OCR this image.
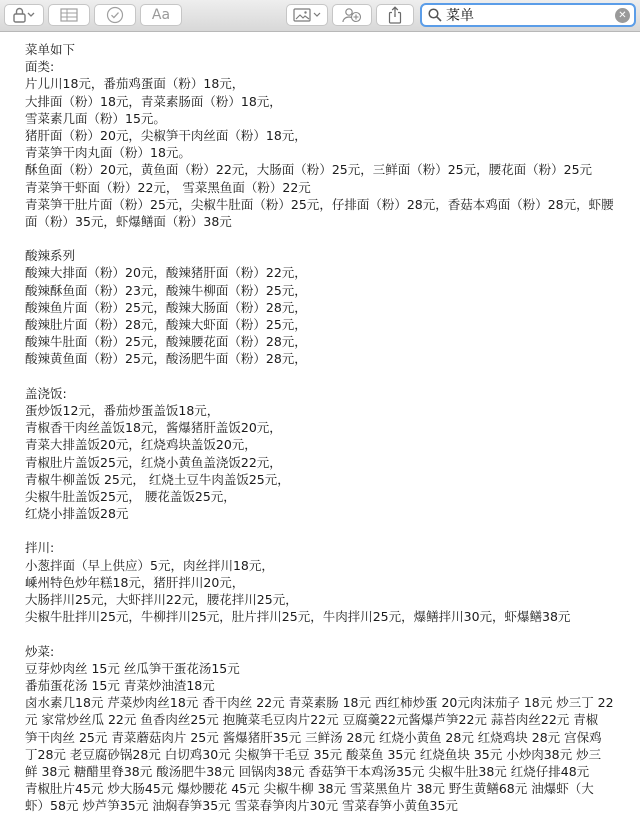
Aa
菜单	✕
菜单如下
面类:
片儿川18元，番茄鸡蛋面（粉）18元，
大排面（粉）18元，青菜素肠面（粉）18元，
雪菜素几面（粉）15元。
猪肝面（粉）20元，尖椒笋干肉丝面（粉）18元，
青菜笋干肉丸面（粉）18元。
酥鱼面（粉）20元，黄鱼面（粉）22元，大肠面（粉）25元，三鲜面（粉）25元，腰花面（粉）25元
青菜笋干虾面（粉）22元， 雪菜黑鱼面（粉）22元
青菜笋干肚片面（粉）25元，尖椒牛肚面（粉）25元，仔排面（粉）28元，香菇本鸡面（粉）28元，虾腰
面（粉）35元，虾爆鳝面（粉）38元
酸辣系列
酸辣大排面（粉）20元，酸辣猪肝面（粉）22元，
酸辣酥鱼面（粉）23元，酸辣牛柳面（粉）25元，
酸辣鱼片面（粉）25元，酸辣大肠面（粉）28元，
酸辣肚片面（粉）28元，酸辣大虾面（粉）25元，
酸辣牛肚面（粉）25元，酸辣腰花面（粉）28元，
酸辣黄鱼面（粉）25元，酸汤肥牛面（粉）28元，
盖浇饭:
蛋炒饭12元，番茄炒蛋盖饭18元，
青椒香干肉丝盖饭18元，酱爆猪肝盖饭20元，
青菜大排盖饭20元，红烧鸡块盖饭20元，
青椒肚片盖饭25元，红烧小黄鱼盖浇饭22元，
青椒牛柳盖饭 25元， 红烧土豆牛肉盖饭25元，
尖椒牛肚盖饭25元， 腰花盖饭25元，
红烧小排盖饭28元
拌川:
小葱拌面（早上供应）5元，肉丝拌川18元，
嵊州特色炒年糕18元，猪肝拌川20元，
大肠拌川25元，大虾拌川22元，腰花拌川25元，
尖椒牛肚拌川25元，牛柳拌川25元，肚片拌川25元，牛肉拌川25元，爆鳝拌川30元，虾爆鳝38元
炒菜:
豆芽炒肉丝 15元 丝瓜笋干蛋花汤15元
番茄蛋花汤 15元 青菜炒油渣18元
卤水素几18元 芹菜炒肉丝18元 香干肉丝 22元 青菜素肠 18元 西红柿炒蛋 20元肉沫茄子 18元 炒三丁 22
元 家常炒丝瓜 22元 鱼香肉丝25元 抱腌菜毛豆肉片22元 豆腐羹22元酱爆芦笋22元 蒜苔肉丝22元 青椒
笋干肉丝 25元 青菜蘑菇肉片 25元 酱爆猪肝35元 三鲜汤 28元 红烧小黄鱼 28元 红烧鸡块 28元 宫保鸡
丁28元 老豆腐砂锅28元 白切鸡30元 尖椒笋干毛豆 35元 酸菜鱼 35元 红烧鱼块 35元 小炒肉38元 炒三
鲜 38元 糖醋里脊38元 酸汤肥牛38元 回锅肉38元 香菇笋干本鸡汤35元 尖椒牛肚38元 红烧仔排48元
青椒肚片45元 炒大肠45元 爆炒腰花 45元 尖椒牛柳 38元 雪菜黑鱼片 38元 野生黄鳝68元 油爆虾（大
虾）58元 炒芦笋35元 油焖春笋35元 雪菜春笋肉片30元 雪菜春笋小黄鱼35元
